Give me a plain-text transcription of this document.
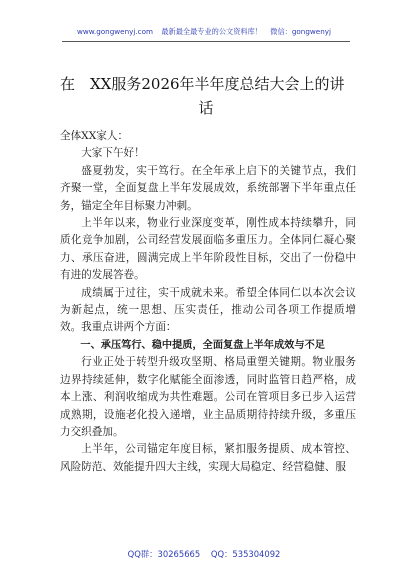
www.gongwenyj.com 最新最全最专业的公文资料库！ 微信：gongwenyj
在　XX服务2026年半年度总结大会上的讲
话

全体XX家人：

大家下午好！

盛夏勃发，实干笃行。在全年承上启下的关键节点，我们齐聚一堂，全面复盘上半年发展成效，系统部署下半年重点任务，锚定全年目标聚力冲刺。

上半年以来，物业行业深度变革，刚性成本持续攀升，同质化竞争加剧，公司经营发展面临多重压力。全体同仁凝心聚力、承压奋进，圆满完成上半年阶段性目标，交出了一份稳中有进的发展答卷。

成绩属于过往，实干成就未来。希望全体同仁以本次会议为新起点，统一思想、压实责任，推动公司各项工作提质增效。我重点讲两个方面：

一、承压笃行、稳中提质，全面复盘上半年成效与不足

行业正处于转型升级攻坚期、格局重塑关键期。物业服务边界持续延伸，数字化赋能全面渗透，同时监管日趋严格，成本上涨、利润收缩成为共性难题。公司在管项目多已步入运营成熟期，设施老化投入递增，业主品质期待持续升级，多重压力交织叠加。

上半年，公司锚定年度目标，紧扣服务提质、成本管控、风险防范、效能提升四大主线，实现大局稳定、经营稳健、服

QQ群：30265665 QQ：535304092
